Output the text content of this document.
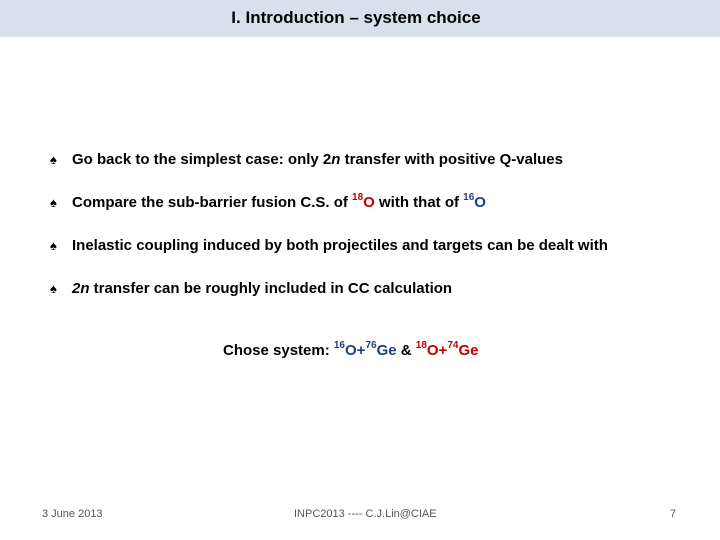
I. Introduction – system choice
♠ Go back to the simplest case: only 2n transfer with positive Q-values
♠ Compare the sub-barrier fusion C.S. of $^{18}$O with that of $^{16}$O
♠ Inelastic coupling induced by both projectiles and targets can be dealt with
♠ 2n transfer can be roughly included in CC calculation
Chose system: $^{16}$O+$^{76}$Ge & $^{18}$O+$^{74}$Ge
3 June 2013	INPC2013 ---- C.J.Lin@CIAE	7
